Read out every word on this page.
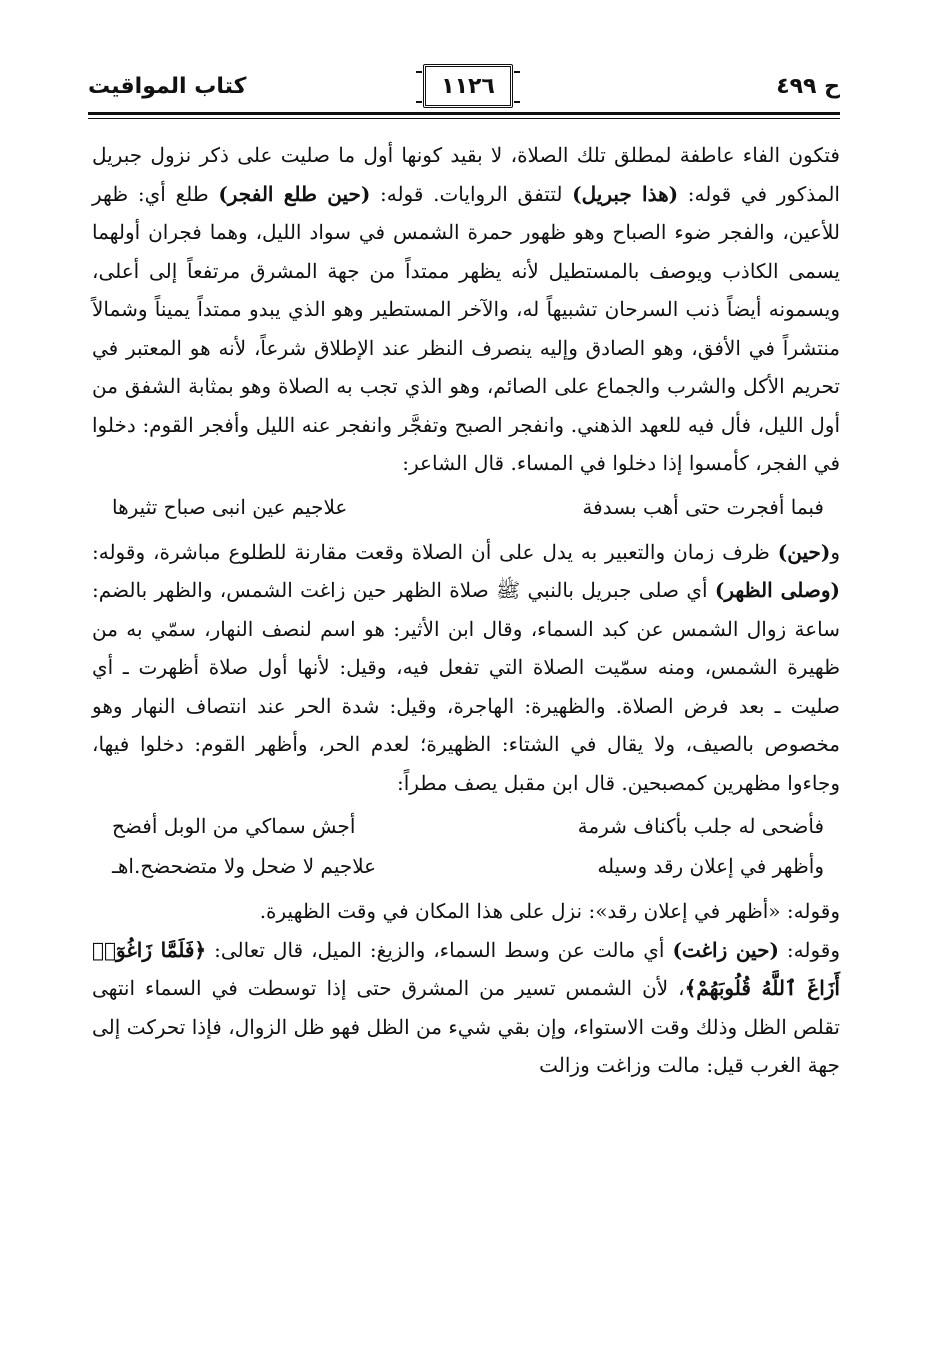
ح ٤٩٩
١١٢٦
كتاب المواقيت

فتكون الفاء عاطفة لمطلق تلك الصلاة، لا بقيد كونها أول ما صليت على ذكر نزول جبريل المذكور في قوله: (هذا جبريل) لتتفق الروايات. قوله: (حين طلع الفجر) طلع أي: ظهر للأعين، والفجر ضوء الصباح وهو ظهور حمرة الشمس في سواد الليل، وهما فجران أولهما يسمى الكاذب ويوصف بالمستطيل لأنه يظهر ممتداً من جهة المشرق مرتفعاً إلى أعلى، ويسمونه أيضاً ذنب السرحان تشبيهاً له، والآخر المستطير وهو الذي يبدو ممتداً يميناً وشمالاً منتشراً في الأفق، وهو الصادق وإليه ينصرف النظر عند الإطلاق شرعاً، لأنه هو المعتبر في تحريم الأكل والشرب والجماع على الصائم، وهو الذي تجب به الصلاة وهو بمثابة الشفق من أول الليل، فأل فيه للعهد الذهني. وانفجر الصبح وتفجَّر وانفجر عنه الليل وأفجر القوم: دخلوا في الفجر، كأمسوا إذا دخلوا في المساء. قال الشاعر:

فبما أفجرت حتى أهب بسدفة
علاجيم عين انبى صباح تثيرها

و(حين) ظرف زمان والتعبير به يدل على أن الصلاة وقعت مقارنة للطلوع مباشرة، وقوله: (وصلى الظهر) أي صلى جبريل بالنبي ﷺ صلاة الظهر حين زاغت الشمس، والظهر بالضم: ساعة زوال الشمس عن كبد السماء، وقال ابن الأثير: هو اسم لنصف النهار، سمّي به من ظهيرة الشمس، ومنه سمّيت الصلاة التي تفعل فيه، وقيل: لأنها أول صلاة أظهرت ـ أي صليت ـ بعد فرض الصلاة. والظهيرة: الهاجرة، وقيل: شدة الحر عند انتصاف النهار وهو مخصوص بالصيف، ولا يقال في الشتاء: الظهيرة؛ لعدم الحر، وأظهر القوم: دخلوا فيها، وجاءوا مظهرين كمصبحين. قال ابن مقبل يصف مطراً:

فأضحى له جلب بأكناف شرمة
أجش سماكي من الوبل أفضح
وأظهر في إعلان رقد وسيله
علاجيم لا ضحل ولا متضحضح.اهـ

وقوله: «أظهر في إعلان رقد»: نزل على هذا المكان في وقت الظهيرة.

وقوله: (حين زاغت) أي مالت عن وسط السماء، والزيغ: الميل، قال تعالى: ﴿فَلَمَّا زَاغُوٓا۟ أَزَاغَ ٱللَّهُ قُلُوبَهُمْ﴾، لأن الشمس تسير من المشرق حتى إذا توسطت في السماء انتهى تقلص الظل وذلك وقت الاستواء، وإن بقي شيء من الظل فهو ظل الزوال، فإذا تحركت إلى جهة الغرب قيل: مالت وزاغت وزالت
